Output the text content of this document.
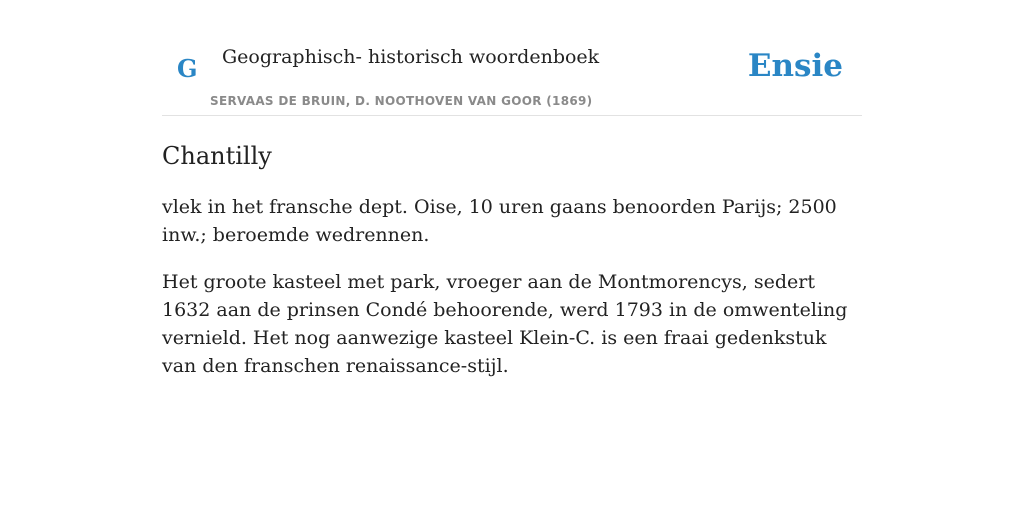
G Geographisch- historisch woordenboek
SERVAAS DE BRUIN, D. NOOTHOVEN VAN GOOR (1869)
Ensie
Chantilly

vlek in het fransche dept. Oise, 10 uren gaans benoorden Parijs; 2500 inw.; beroemde wedrennen.

Het groote kasteel met park, vroeger aan de Montmorencys, sedert 1632 aan de prinsen Condé behoorende, werd 1793 in de omwenteling vernield. Het nog aanwezige kasteel Klein-C. is een fraai gedenkstuk van den franschen renaissance-stijl.
